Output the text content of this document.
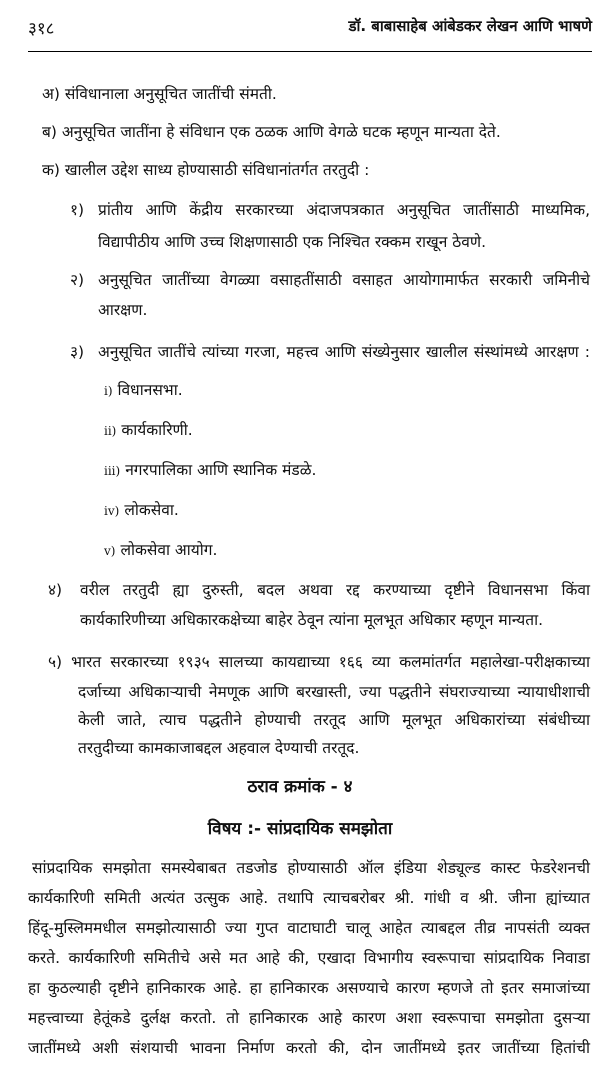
३१८	डॉ. बाबासाहेब आंबेडकर लेखन आणि भाषणे
अ) संविधानाला अनुसूचित जातींची संमती.
ब) अनुसूचित जातींना हे संविधान एक ठळक आणि वेगळे घटक म्हणून मान्यता देते.
क) खालील उद्देश साध्य होण्यासाठी संविधानांतर्गत तरतुदी :
१) प्रांतीय आणि केंद्रीय सरकारच्या अंदाजपत्रकात अनुसूचित जातींसाठी माध्यमिक,
विद्यापीठीय आणि उच्च शिक्षणासाठी एक निश्चित रक्कम राखून ठेवणे.
२) अनुसूचित जातींच्या वेगळ्या वसाहतींसाठी वसाहत आयोगामार्फत सरकारी जमिनीचे
आरक्षण.
३) अनुसूचित जातींचे त्यांच्या गरजा, महत्त्व आणि संख्येनुसार खालील संस्थांमध्ये आरक्षण :
i) विधानसभा.
ii) कार्यकारिणी.
iii) नगरपालिका आणि स्थानिक मंडळे.
iv) लोकसेवा.
v) लोकसेवा आयोग.
४) वरील तरतुदी ह्या दुरुस्ती, बदल अथवा रद्द करण्याच्या दृष्टीने विधानसभा किंवा
कार्यकारिणीच्या अधिकारकक्षेच्या बाहेर ठेवून त्यांना मूलभूत अधिकार म्हणून मान्यता.
५) भारत सरकारच्या १९३५ सालच्या कायद्याच्या १६६ व्या कलमांतर्गत महालेखा-परीक्षकाच्या
दर्जाच्या अधिकाऱ्याची नेमणूक आणि बरखास्ती, ज्या पद्धतीने संघराज्याच्या न्यायाधीशाची
केली जाते, त्याच पद्धतीने होण्याची तरतूद आणि मूलभूत अधिकारांच्या संबंधीच्या
तरतुदीच्या कामकाजाबद्दल अहवाल देण्याची तरतूद.
ठराव क्रमांक - ४
विषय :- सांप्रदायिक समझोता
सांप्रदायिक समझोता समस्येबाबत तडजोड होण्यासाठी ऑल इंडिया शेड्यूल्ड कास्ट फेडरेशनची
कार्यकारिणी समिती अत्यंत उत्सुक आहे. तथापि त्याचबरोबर श्री. गांधी व श्री. जीना ह्यांच्यात
हिंदू-मुस्लिममधील समझोत्यासाठी ज्या गुप्त वाटाघाटी चालू आहेत त्याबद्दल तीव्र नापसंती व्यक्त
करते. कार्यकारिणी समितीचे असे मत आहे की, एखादा विभागीय स्वरूपाचा सांप्रदायिक निवाडा
हा कुठल्याही दृष्टीने हानिकारक आहे. हा हानिकारक असण्याचे कारण म्हणजे तो इतर समाजांच्या
महत्त्वाच्या हेतूंकडे दुर्लक्ष करतो. तो हानिकारक आहे कारण अशा स्वरूपाचा समझोता दुसऱ्या
जातींमध्ये अशी संशयाची भावना निर्माण करतो की, दोन जातींमध्ये इतर जातींच्या हितांची
